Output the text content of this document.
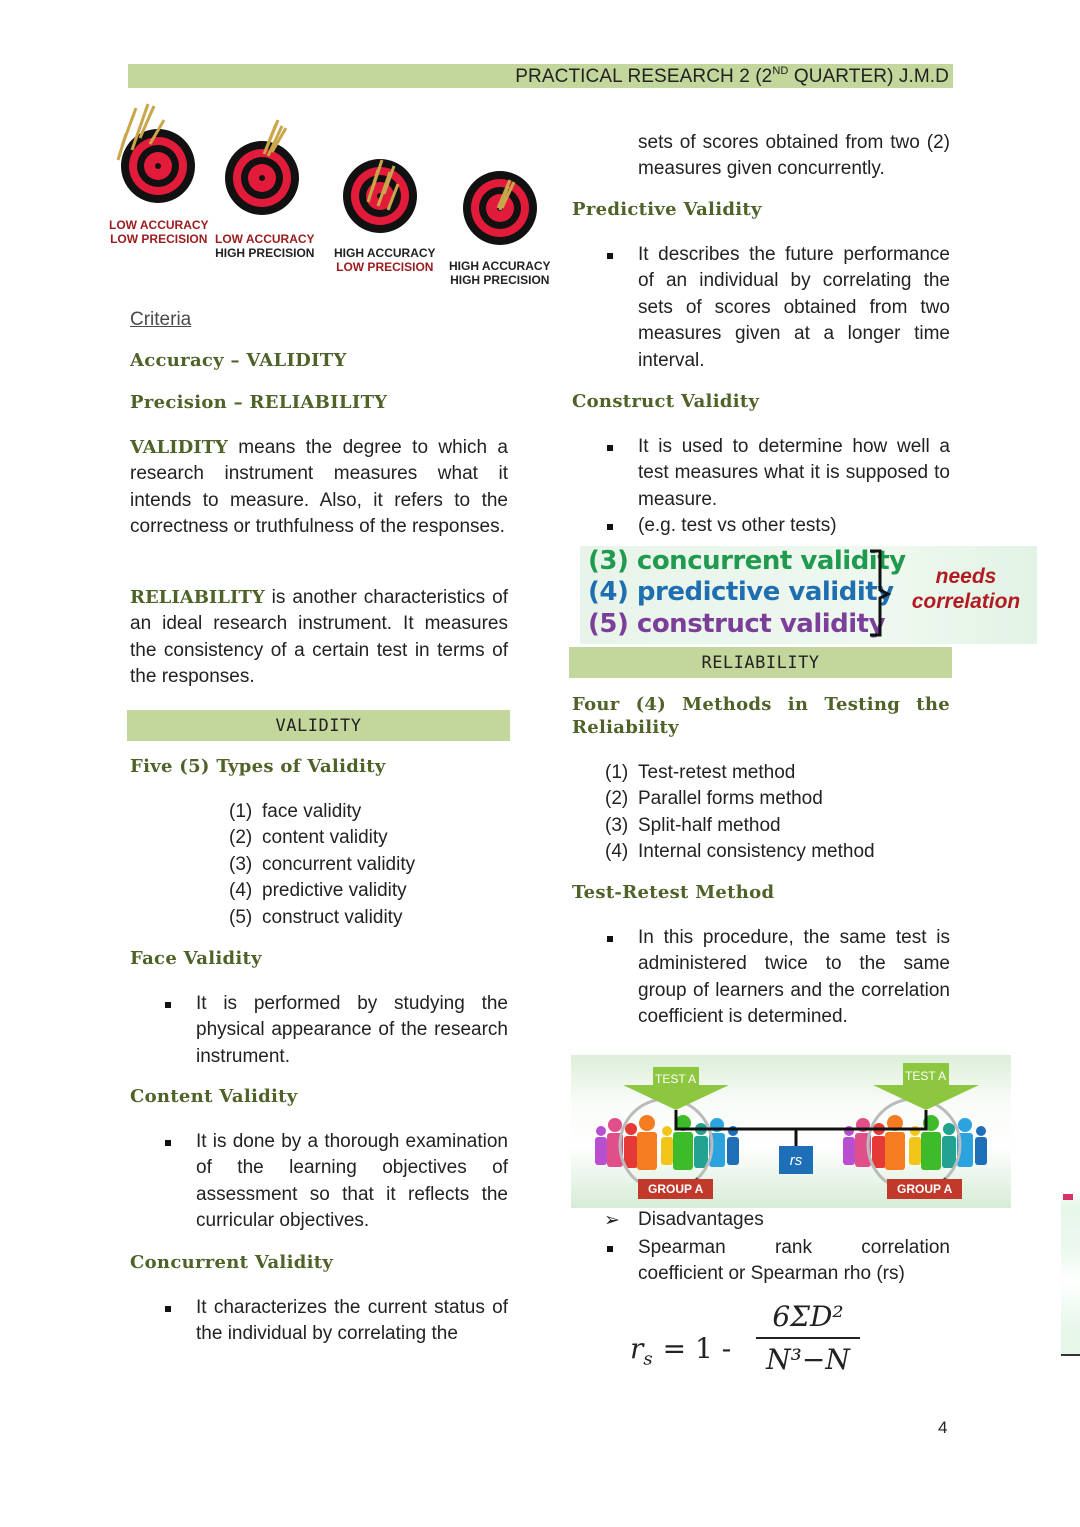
PRACTICAL RESEARCH 2 (2ND QUARTER) J.M.D
LOW ACCURACY
LOW PRECISION LOW ACCURACY
HIGH PRECISION HIGH ACCURACY
LOW PRECISION HIGH ACCURACY
HIGH PRECISION
Criteria
Accuracy – VALIDITY
Precision – RELIABILITY
VALIDITY means the degree to which a research instrument measures what it intends to measure. Also, it refers to the correctness or truthfulness of the responses.
RELIABILITY is another characteristics of an ideal research instrument. It measures the consistency of a certain test in terms of the responses.
VALIDITY
Five (5) Types of Validity
(1) face validity
(2) content validity
(3) concurrent validity
(4) predictive validity
(5) construct validity
Face Validity
It is performed by studying the physical appearance of the research instrument.
Content Validity
It is done by a thorough examination of the learning objectives of assessment so that it reflects the curricular objectives.
Concurrent Validity
It characterizes the current status of the individual by correlating the
sets of scores obtained from two (2) measures given concurrently.
Predictive Validity
It describes the future performance of an individual by correlating the sets of scores obtained from two measures given at a longer time interval.
Construct Validity
It is used to determine how well a test measures what it is supposed to measure.
(e.g. test vs other tests)
(3) concurrent validity
(4) predictive validity
(5) construct validity
needs
correlation
RELIABILITY
Four (4) Methods in Testing the
Reliability
(1) Test-retest method
(2) Parallel forms method
(3) Split-half method
(4) Internal consistency method
Test-Retest Method
In this procedure, the same test is administered twice to the same group of learners and the correlation coefficient is determined.
TEST A	TEST A
rs
GROUP A	GROUP A
➢ Disadvantages
Spearman rank correlation coefficient or Spearman rho (rs)
$r_s = 1 - \frac{\text{6ΣD²}}{\text{N³−N}}$
4
